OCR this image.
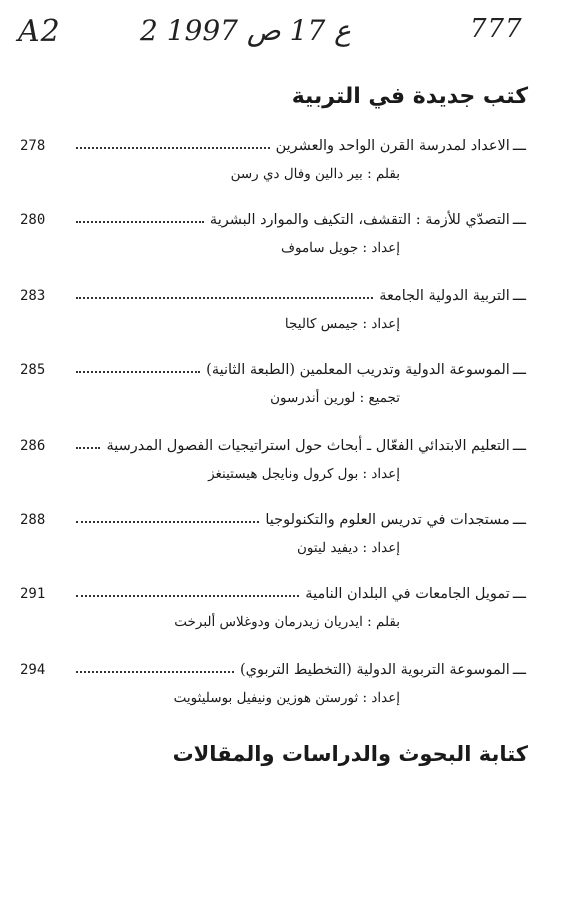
A2	2 ع 17 ص 1997	777
كتب جديدة في التربية
ـــ
الاعداد لمدرسة القرن الواحد والعشرين
278
بقلم : بير دالين وفال دي رسن
ـــ
التصدّي للأزمة : التقشف، التكيف والموارد البشرية
280
إعداد : جويل ساموف
ـــ
التربية الدولية الجامعة
283
إعداد : جيمس كاليجا
ـــ
الموسوعة الدولية وتدريب المعلمين (الطبعة الثانية)
285
تجميع : لورين أندرسون
ـــ
التعليم الابتدائي الفعّال ـ أبحاث حول استراتيجيات الفصول المدرسية
286
إعداد : بول كرول ونايجل هيستينغز
ـــ
مستجدات في تدريس العلوم والتكنولوجيا
288
إعداد : ديفيد ليتون
ـــ
تمويل الجامعات في البلدان النامية
291
بقلم : ايدريان زيدرمان ودوغلاس ألبرخت
ـــ
الموسوعة التربوية الدولية (التخطيط التربوي)
294
إعداد : ثورستن هوزين ونيفيل بوسليثويت
كتابة البحوث والدراسات والمقالات
